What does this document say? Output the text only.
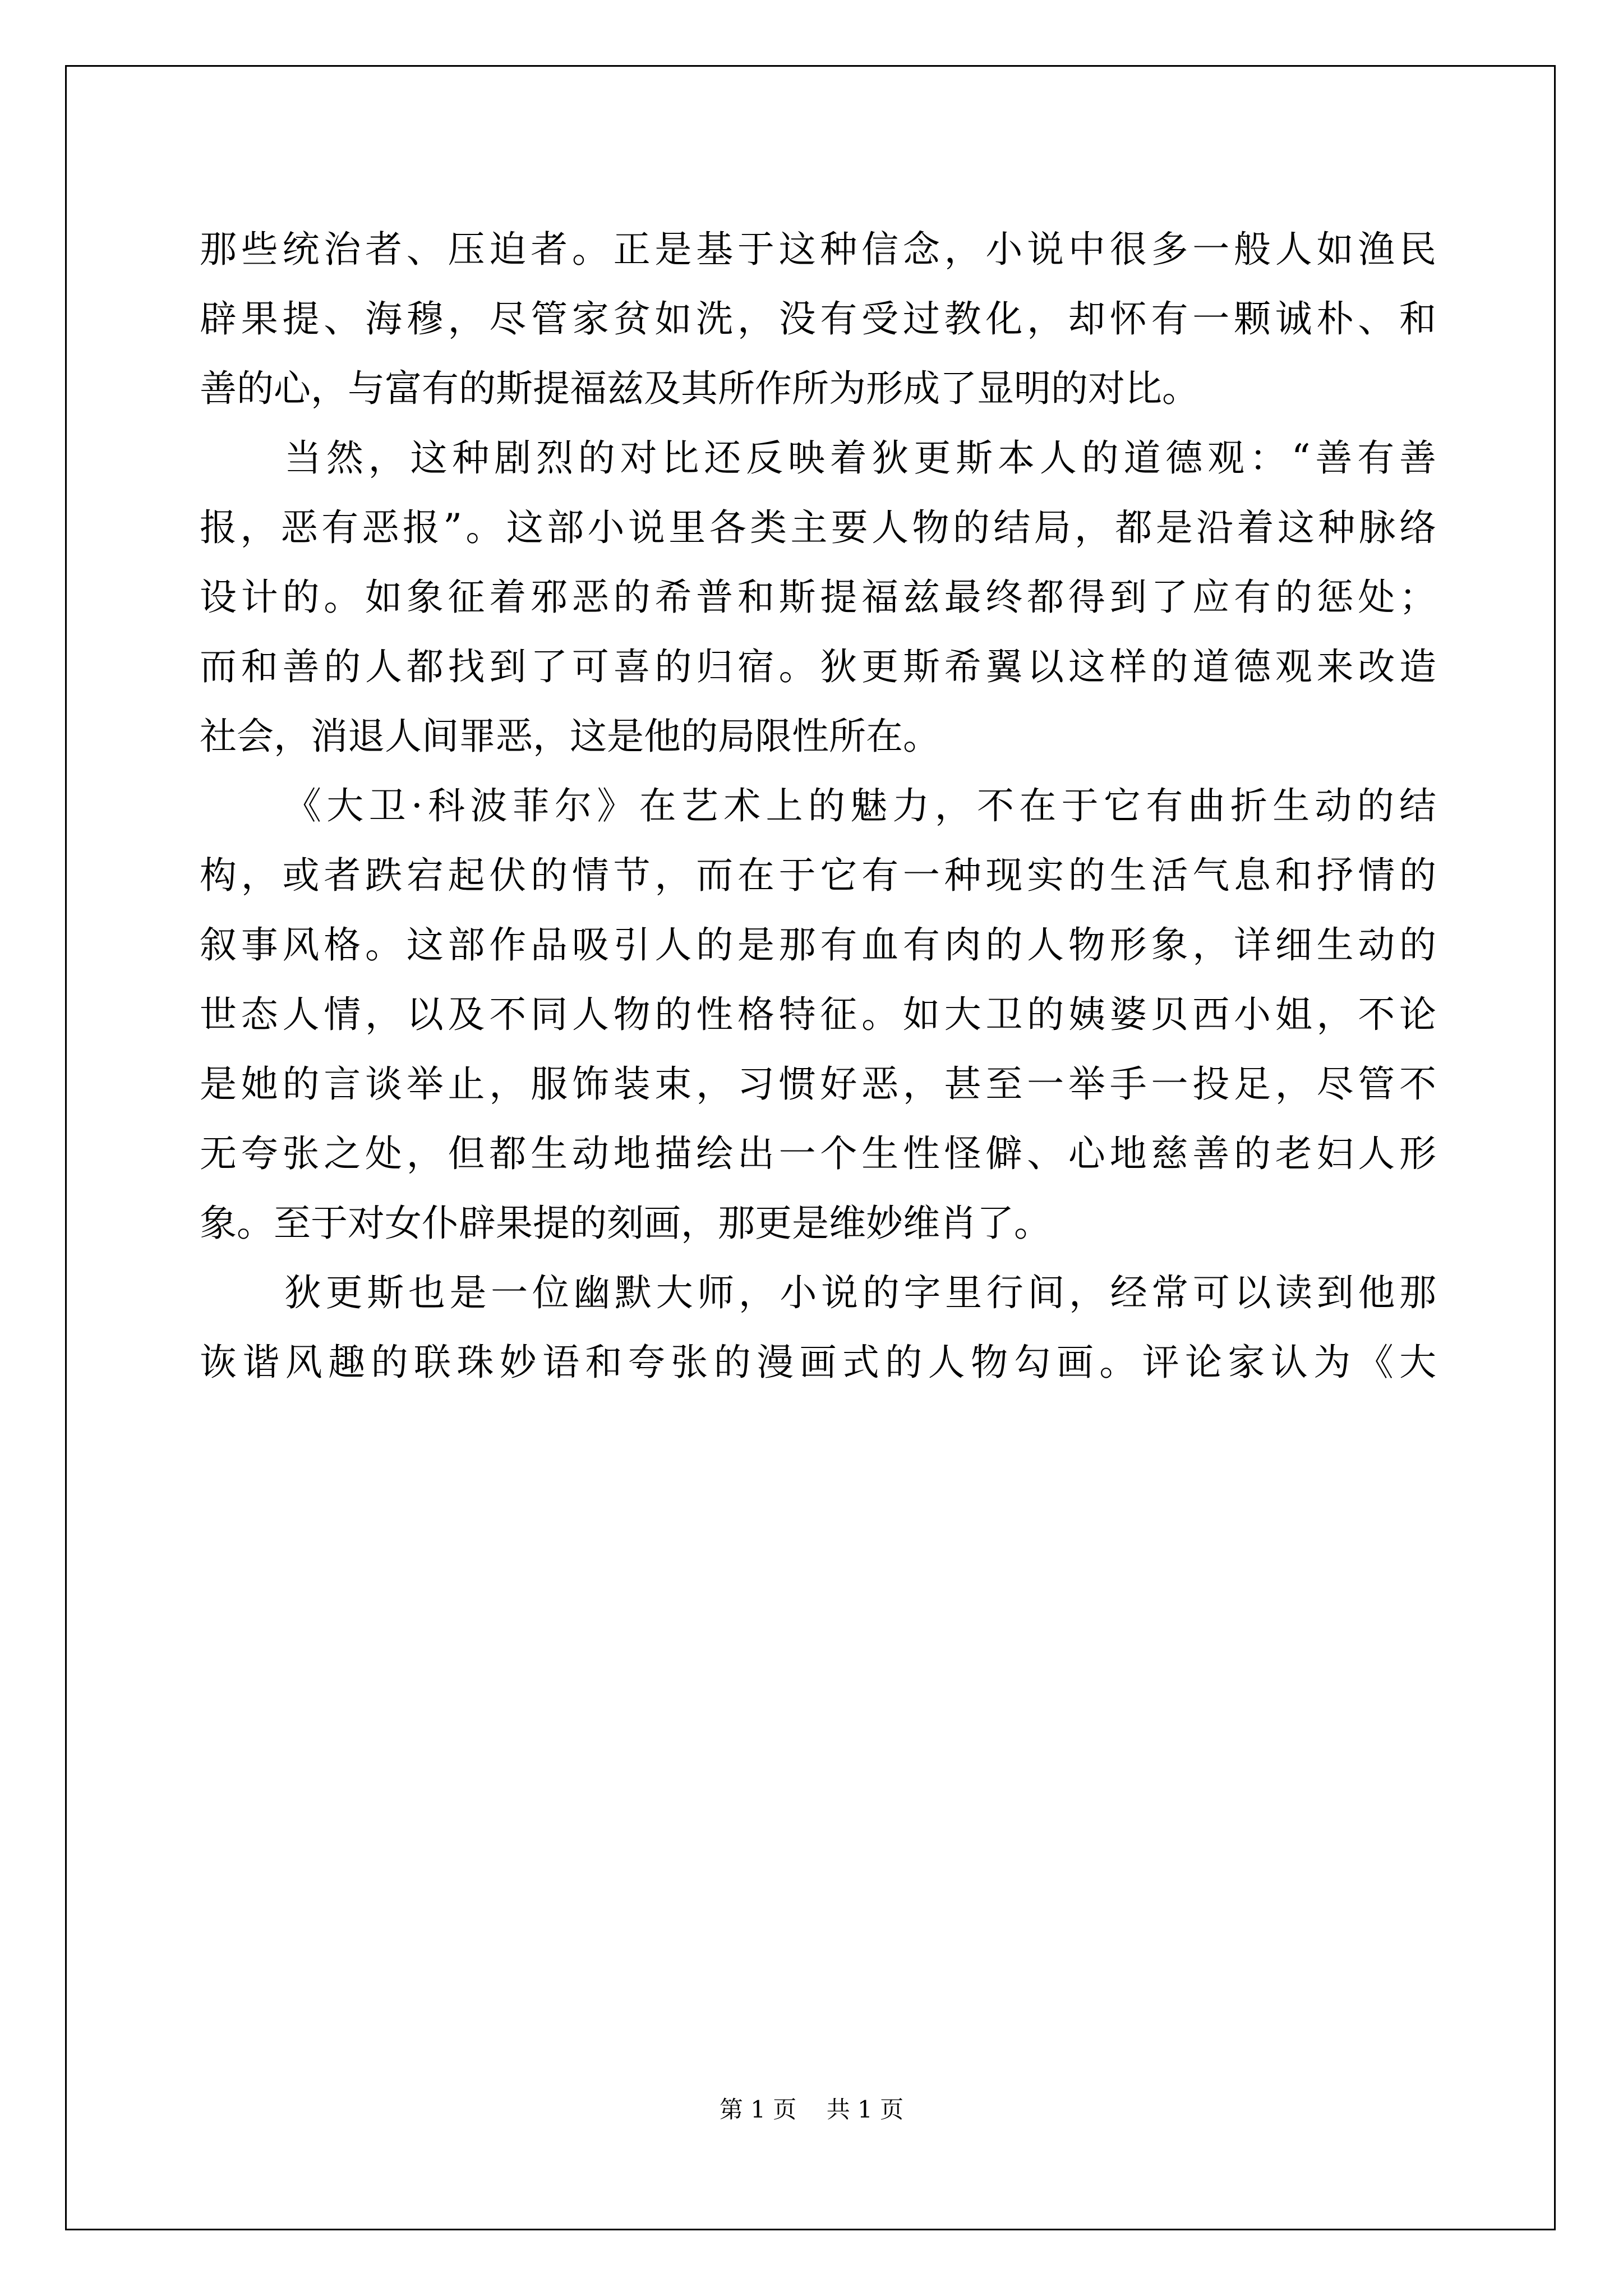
那些统治者、压迫者。正是基于这种信念，小说中很多一般人如渔民
辟果提、海穆，尽管家贫如洗，没有受过教化，却怀有一颗诚朴、和
善的心，与富有的斯提福兹及其所作所为形成了显明的对比。
当然，这种剧烈的对比还反映着狄更斯本人的道德观：“善有善
报，恶有恶报”。这部小说里各类主要人物的结局，都是沿着这种脉络
设计的。如象征着邪恶的希普和斯提福兹最终都得到了应有的惩处；
而和善的人都找到了可喜的归宿。狄更斯希翼以这样的道德观来改造
社会，消退人间罪恶，这是他的局限性所在。
《大卫·科波菲尔》在艺术上的魅力，不在于它有曲折生动的结
构，或者跌宕起伏的情节，而在于它有一种现实的生活气息和抒情的
叙事风格。这部作品吸引人的是那有血有肉的人物形象，详细生动的
世态人情，以及不同人物的性格特征。如大卫的姨婆贝西小姐，不论
是她的言谈举止，服饰装束，习惯好恶，甚至一举手一投足，尽管不
无夸张之处，但都生动地描绘出一个生性怪僻、心地慈善的老妇人形
象。至于对女仆辟果提的刻画，那更是维妙维肖了。
狄更斯也是一位幽默大师，小说的字里行间，经常可以读到他那
诙谐风趣的联珠妙语和夸张的漫画式的人物勾画。评论家认为《大
第 1 页 共 1 页
